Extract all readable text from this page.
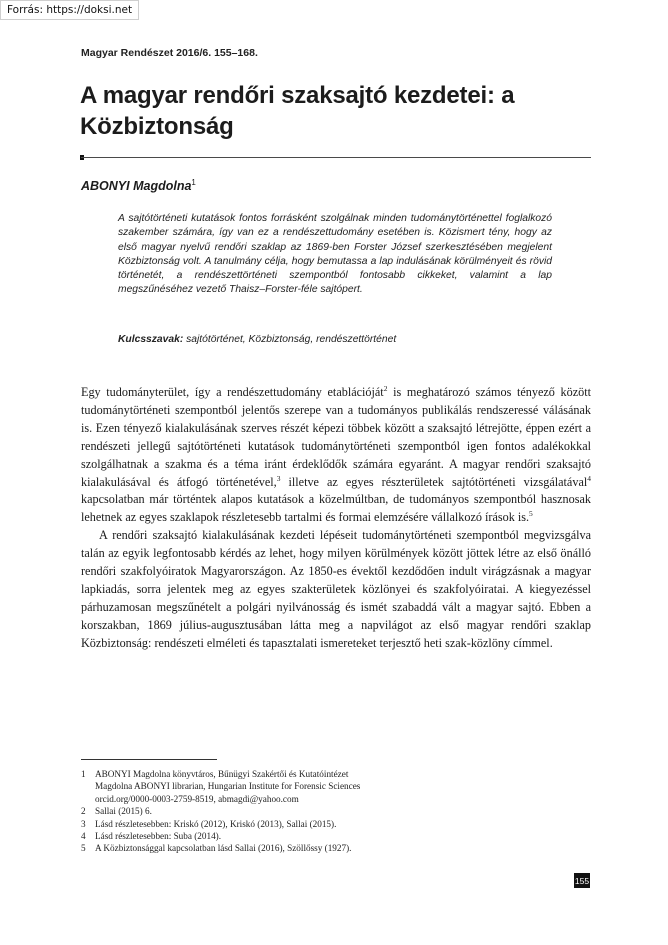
Forrás: https://doksi.net
Magyar Rendészet 2016/6. 155–168.
A magyar rendőri szaksajtó kezdetei: a Közbiztonság
ABONYI Magdolna$^1$

A sajtótörténeti kutatások fontos forrásként szolgálnak minden tudománytörténettel foglalkozó szakember számára, így van ez a rendészettudomány esetében is. Közismert tény, hogy az első magyar nyelvű rendőri szaklap az 1869-ben Forster József szerkesztésében megjelent Közbiztonság volt. A tanulmány célja, hogy bemutassa a lap indulásának körülményeit és rövid történetét, a rendészettörténeti szempontból fontosabb cikkeket, valamint a lap megszűnéséhez vezető Thaisz–Forster-féle sajtópert.

Kulcsszavak: sajtótörténet, Közbiztonság, rendészettörténet

Egy tudományterület, így a rendészettudomány etablációját$^2$ is meghatározó számos tényező között tudománytörténeti szempontból jelentős szerepe van a tudományos publikálás rendszeressé válásának is. Ezen tényező kialakulásának szerves részét képezi többek között a szaksajtó létrejötte, éppen ezért a rendészeti jellegű sajtótörténeti kutatások tudománytörténeti szempontból igen fontos adalékokkal szolgálhatnak a szakma és a téma iránt érdeklődők számára egyaránt. A magyar rendőri szaksajtó kialakulásával és átfogó történetével,$^3$ illetve az egyes részterületek sajtótörténeti vizsgálatával$^4$ kapcsolatban már történtek alapos kutatások a közelmúltban, de tudományos szempontból hasznosak lehetnek az egyes szaklapok részletesebb tartalmi és formai elemzésére vállalkozó írások is.$^5$

A rendőri szaksajtó kialakulásának kezdeti lépéseit tudománytörténeti szempontból megvizsgálva talán az egyik legfontosabb kérdés az lehet, hogy milyen körülmények között jöttek létre az első önálló rendőri szakfolyóiratok Magyarországon. Az 1850-es évektől kezdődően indult virágzásnak a magyar lapkiadás, sorra jelentek meg az egyes szakterületek közlönyei és szakfolyóiratai. A kiegyezéssel párhuzamosan megszűnételt a polgári nyilvánosság és ismét szabaddá vált a magyar sajtó. Ebben a korszakban, 1869 július-augusztusában látta meg a napvilágot az első magyar rendőri szaklap Közbiztonság: rendészeti elméleti és tapasztalati ismereteket terjesztő heti szak-közlöny címmel.

1	ABONYI Magdolna könyvtáros, Bűnügyi Szakértői és Kutatóintézet
Magdolna ABONYI librarian, Hungarian Institute for Forensic Sciences
orcid.org/0000-0003-2759-8519, abmagdi@yahoo.com
2	Sallai (2015) 6.
3	Lásd részletesebben: Kriskó (2012), Kriskó (2013), Sallai (2015).
4	Lásd részletesebben: Suba (2014).
5	A Közbiztonsággal kapcsolatban lásd Sallai (2016), Szöllőssy (1927).
155
